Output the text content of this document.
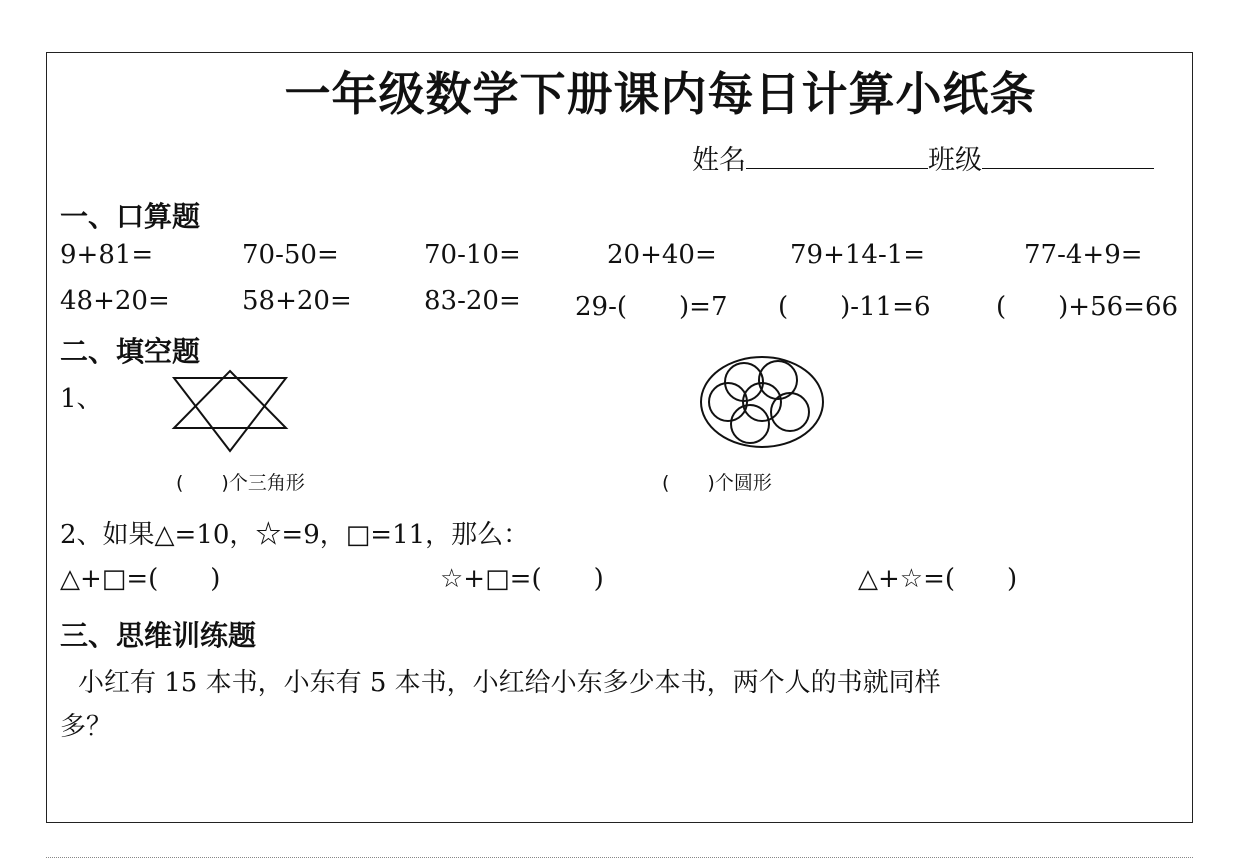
一年级数学下册课内每日计算小纸条
姓名	班级
一、口算题
9+81=	70-50=	70-10=	20+40=	79+14-1=	77-4+9=
48+20=	58+20=	83-20= 29-(　　)=7 (　　)-11=6	(　　)+56=66
二、填空题
1、
(　　)个三角形	(　　)个圆形
2、如果△=10，☆=9，□=11，那么：
△+□=(　　)	☆+□=(　　)	△+☆=(　　)
三、思维训练题
小红有 15 本书，小东有 5 本书，小红给小东多少本书，两个人的书就同样
多？
